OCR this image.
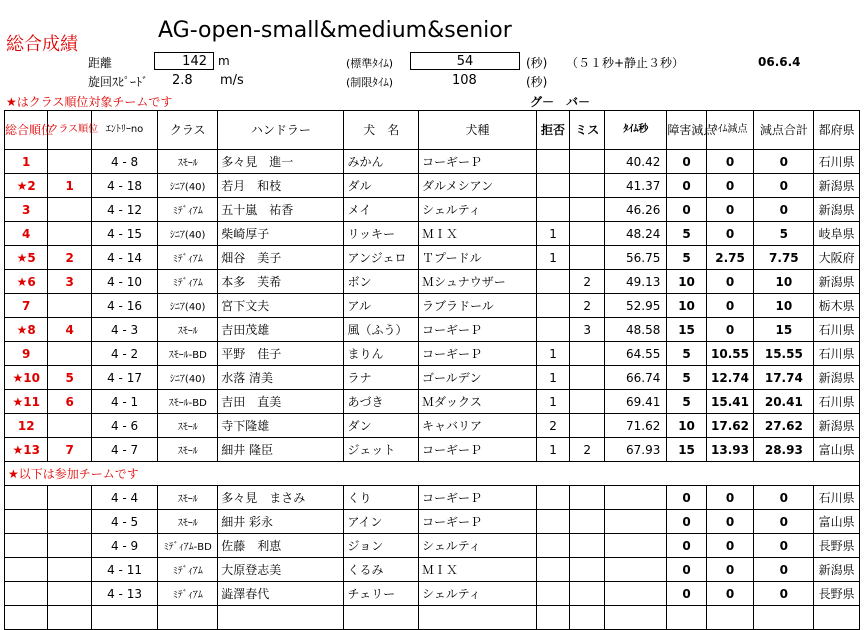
総合成績
AG-open-small&medium&senior
距離	142 m	(標準ﾀｲﾑ)	54	(秒) （５１秒+静止３秒）	06.6.4
旋回ｽﾋﾟｰﾄﾞ 2.8 m/s	(制限ﾀｲﾑ)	108	(秒)
★はクラス順位対象チームです	グ－　バ－
総合順位	クラス順位	ｴﾝﾄﾘｰno	クラス	ハンドラー	犬　名	犬種	拒否	ミス	ﾀｲﾑ秒	障害減点	ﾀｲﾑ減点	減点合計	都府県
1		4 - 8	ｽﾓｰﾙ	多々見　進一	みかん	コーギーＰ			40.42	0	0	0	石川県
★2	1	4 - 18	ｼﾆｱ(40)	若月　和枝	ダル	ダルメシアン			41.37	0	0	0	新潟県
3		4 - 12	ﾐﾃﾞｨｱﾑ	五十嵐　祐香	メイ	シェルティ			46.26	0	0	0	新潟県
4		4 - 15	ｼﾆｱ(40)	柴崎厚子	リッキー	ＭＩＸ	1		48.24	5	0	5	岐阜県
★5	2	4 - 14	ﾐﾃﾞｨｱﾑ	畑谷　美子	アンジェロ	Ｔプードル	1		56.75	5	2.75	7.75	大阪府
★6	3	4 - 10	ﾐﾃﾞｨｱﾑ	本多　芙希	ボン	Ｍシュナウザー		2	49.13	10	0	10	新潟県
7		4 - 16	ｼﾆｱ(40)	宮下文夫	アル	ラブラドール		2	52.95	10	0	10	栃木県
★8	4	4 - 3	ｽﾓｰﾙ	吉田茂雄	風（ふう）	コーギーＰ		3	48.58	15	0	15	石川県
9		4 - 2	ｽﾓｰﾙ-BD	平野　佳子	まりん	コーギーＰ	1		64.55	5	10.55	15.55	石川県
★10	5	4 - 17	ｼﾆｱ(40)	水落 清美	ラナ	ゴールデン	1		66.74	5	12.74	17.74	新潟県
★11	6	4 - 1	ｽﾓｰﾙ-BD	吉田　直美	あづき	Ｍダックス	1		69.41	5	15.41	20.41	石川県
12		4 - 6	ｽﾓｰﾙ	寺下隆雄	ダン	キャバリア	2		71.62	10	17.62	27.62	新潟県
★13	7	4 - 7	ｽﾓｰﾙ	細井 隆臣	ジェット	コーギーＰ	1	2	67.93	15	13.93	28.93	富山県
★以下は参加チームです													
		4 - 4	ｽﾓｰﾙ	多々見　まさみ	くり	コーギーＰ				0	0	0	石川県
		4 - 5	ｽﾓｰﾙ	細井 彩永	アイン	コーギーＰ				0	0	0	富山県
		4 - 9	ﾐﾃﾞｨｱﾑ-BD	佐藤　利恵	ジョン	シェルティ				0	0	0	長野県
		4 - 11	ﾐﾃﾞｨｱﾑ	大原登志美	くるみ	ＭＩＸ				0	0	0	新潟県
		4 - 13	ﾐﾃﾞｨｱﾑ	澁澤春代	チェリー	シェルティ				0	0	0	長野県
